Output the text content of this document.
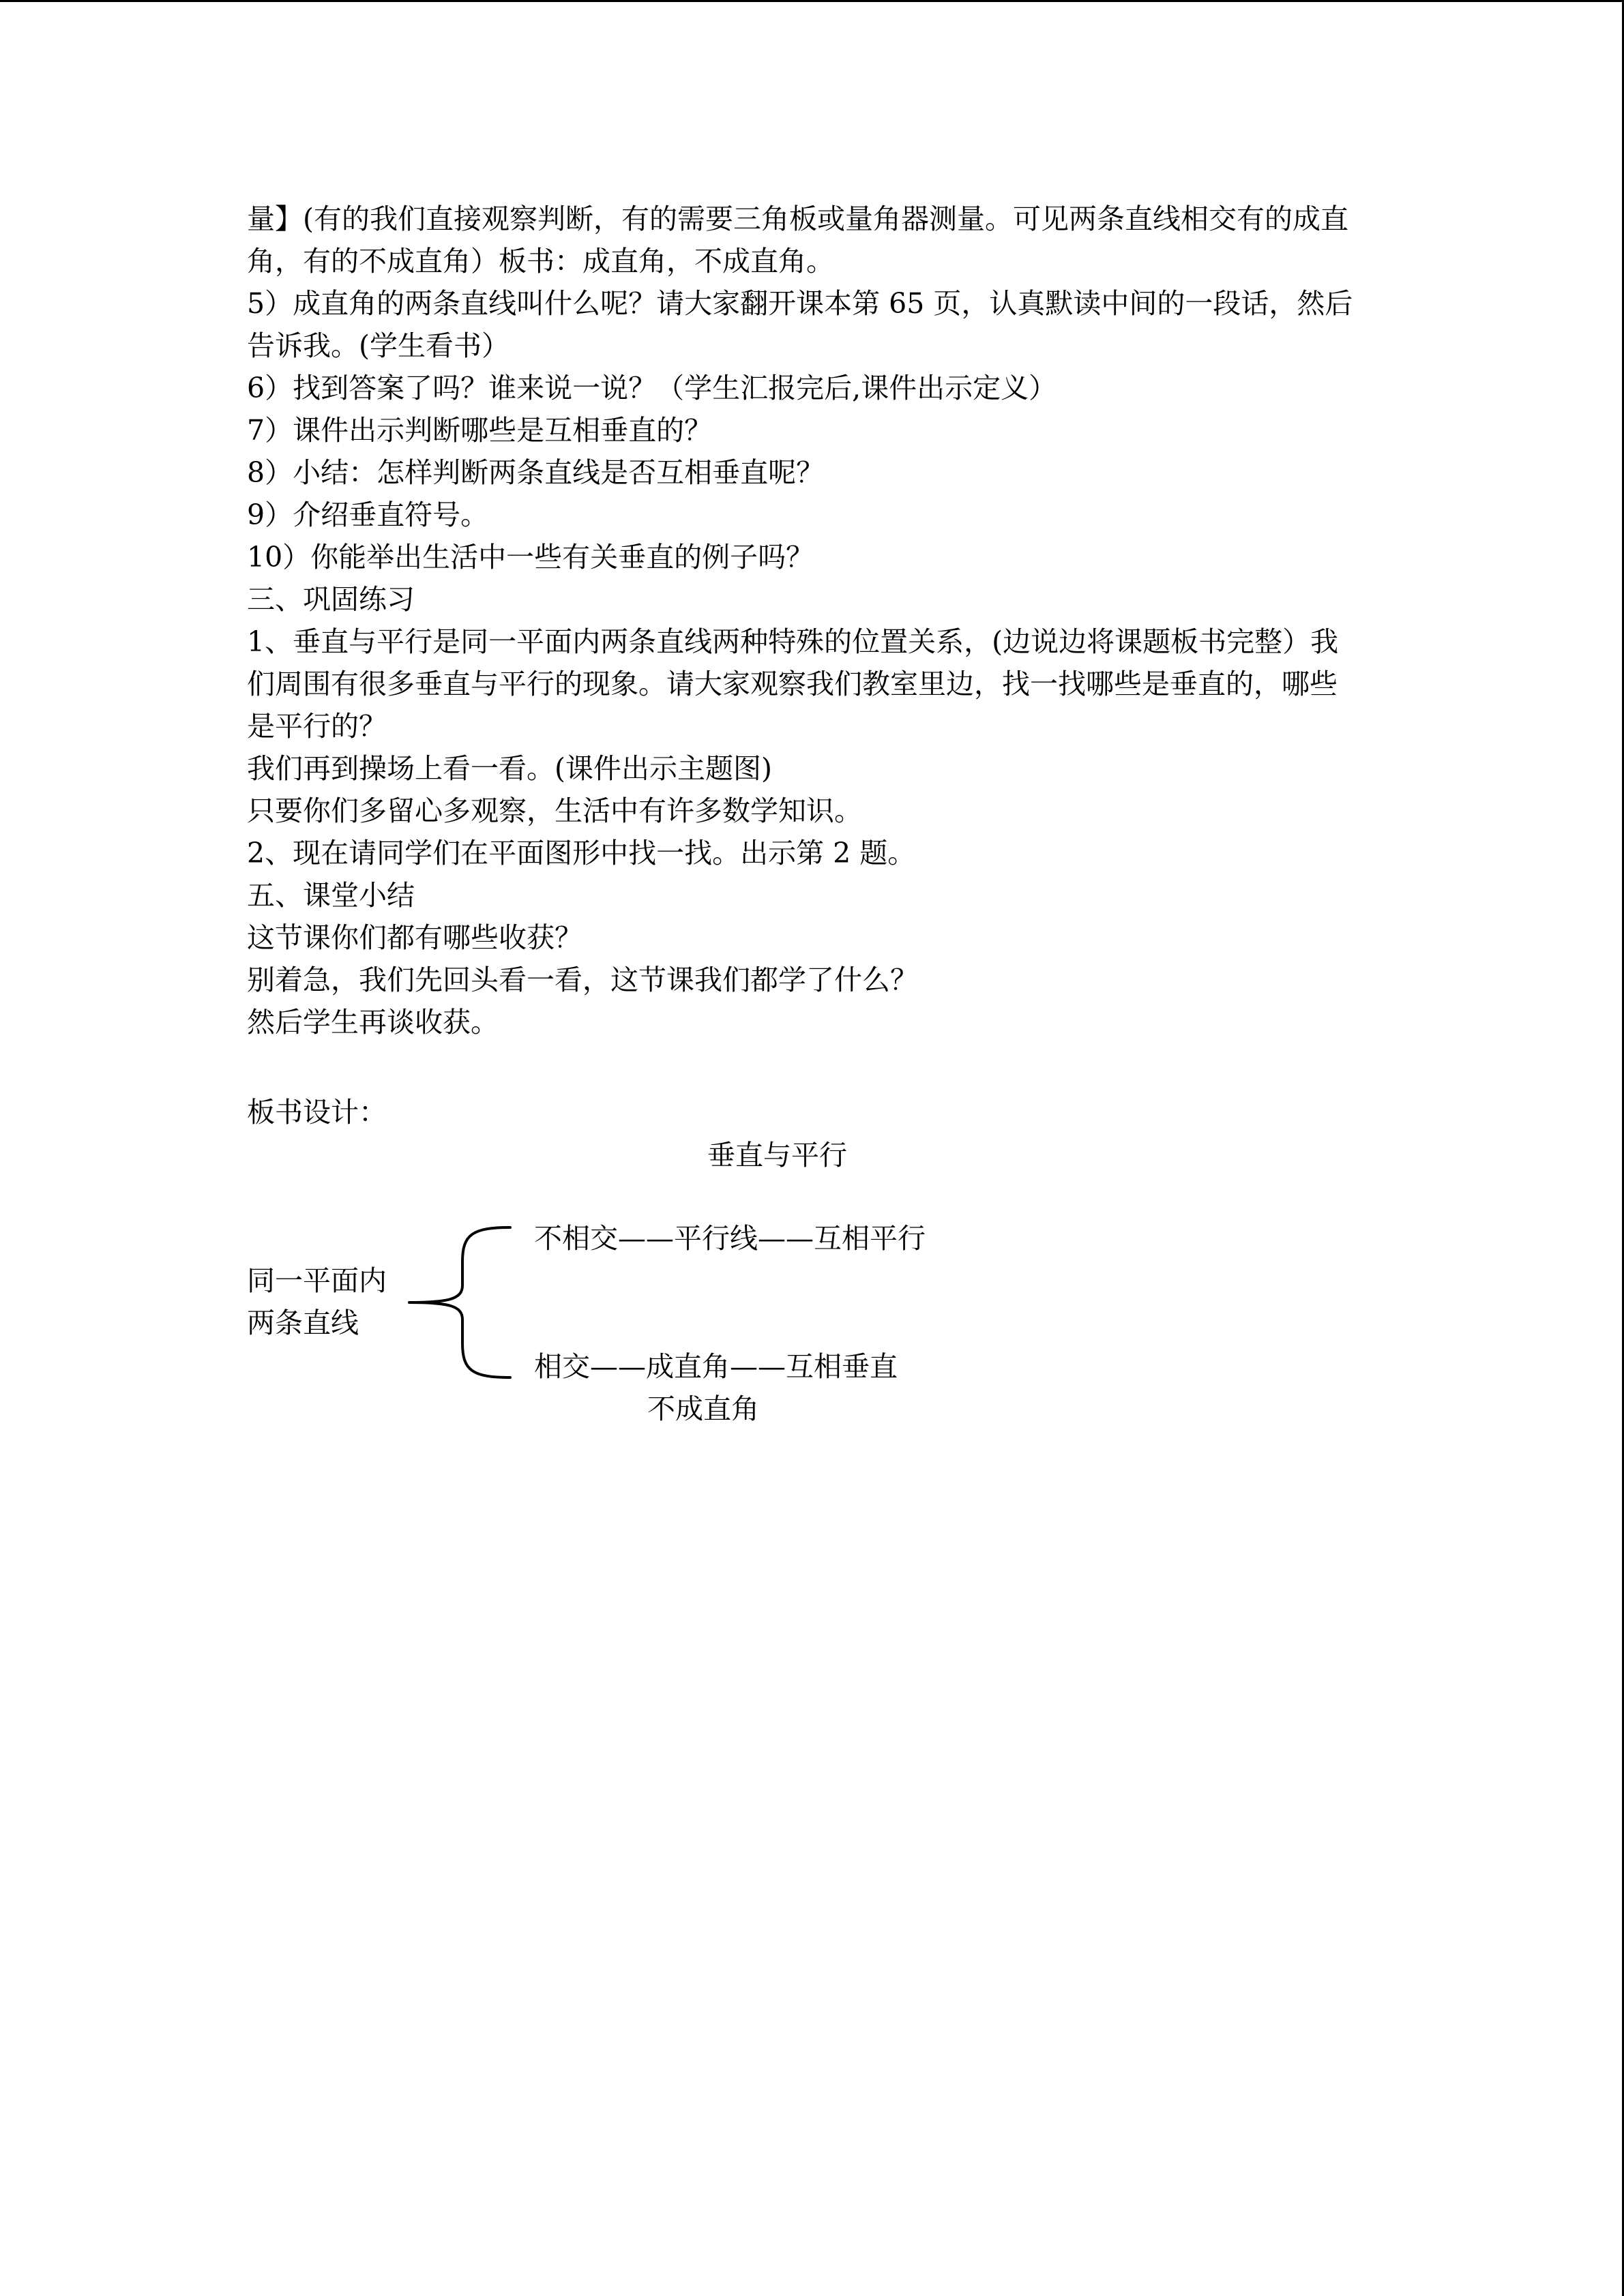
量】(有的我们直接观察判断，有的需要三角板或量角器测量。可见两条直线相交有的成直
角，有的不成直角）板书：成直角，不成直角。
5）成直角的两条直线叫什么呢？请大家翻开课本第 65 页，认真默读中间的一段话，然后
告诉我。(学生看书）
6）找到答案了吗？谁来说一说？（学生汇报完后,课件出示定义）
7）课件出示判断哪些是互相垂直的？
8）小结：怎样判断两条直线是否互相垂直呢？
9）介绍垂直符号。
10）你能举出生活中一些有关垂直的例子吗？
三、巩固练习
1、垂直与平行是同一平面内两条直线两种特殊的位置关系，(边说边将课题板书完整）我
们周围有很多垂直与平行的现象。请大家观察我们教室里边，找一找哪些是垂直的，哪些
是平行的？
我们再到操场上看一看。(课件出示主题图)
只要你们多留心多观察，生活中有许多数学知识。
2、现在请同学们在平面图形中找一找。出示第 2 题。
五、课堂小结
这节课你们都有哪些收获？
别着急，我们先回头看一看，这节课我们都学了什么？
然后学生再谈收获。
板书设计：
垂直与平行
同一平面内
两条直线
不相交——平行线——互相平行
相交——成直角——互相垂直
不成直角
